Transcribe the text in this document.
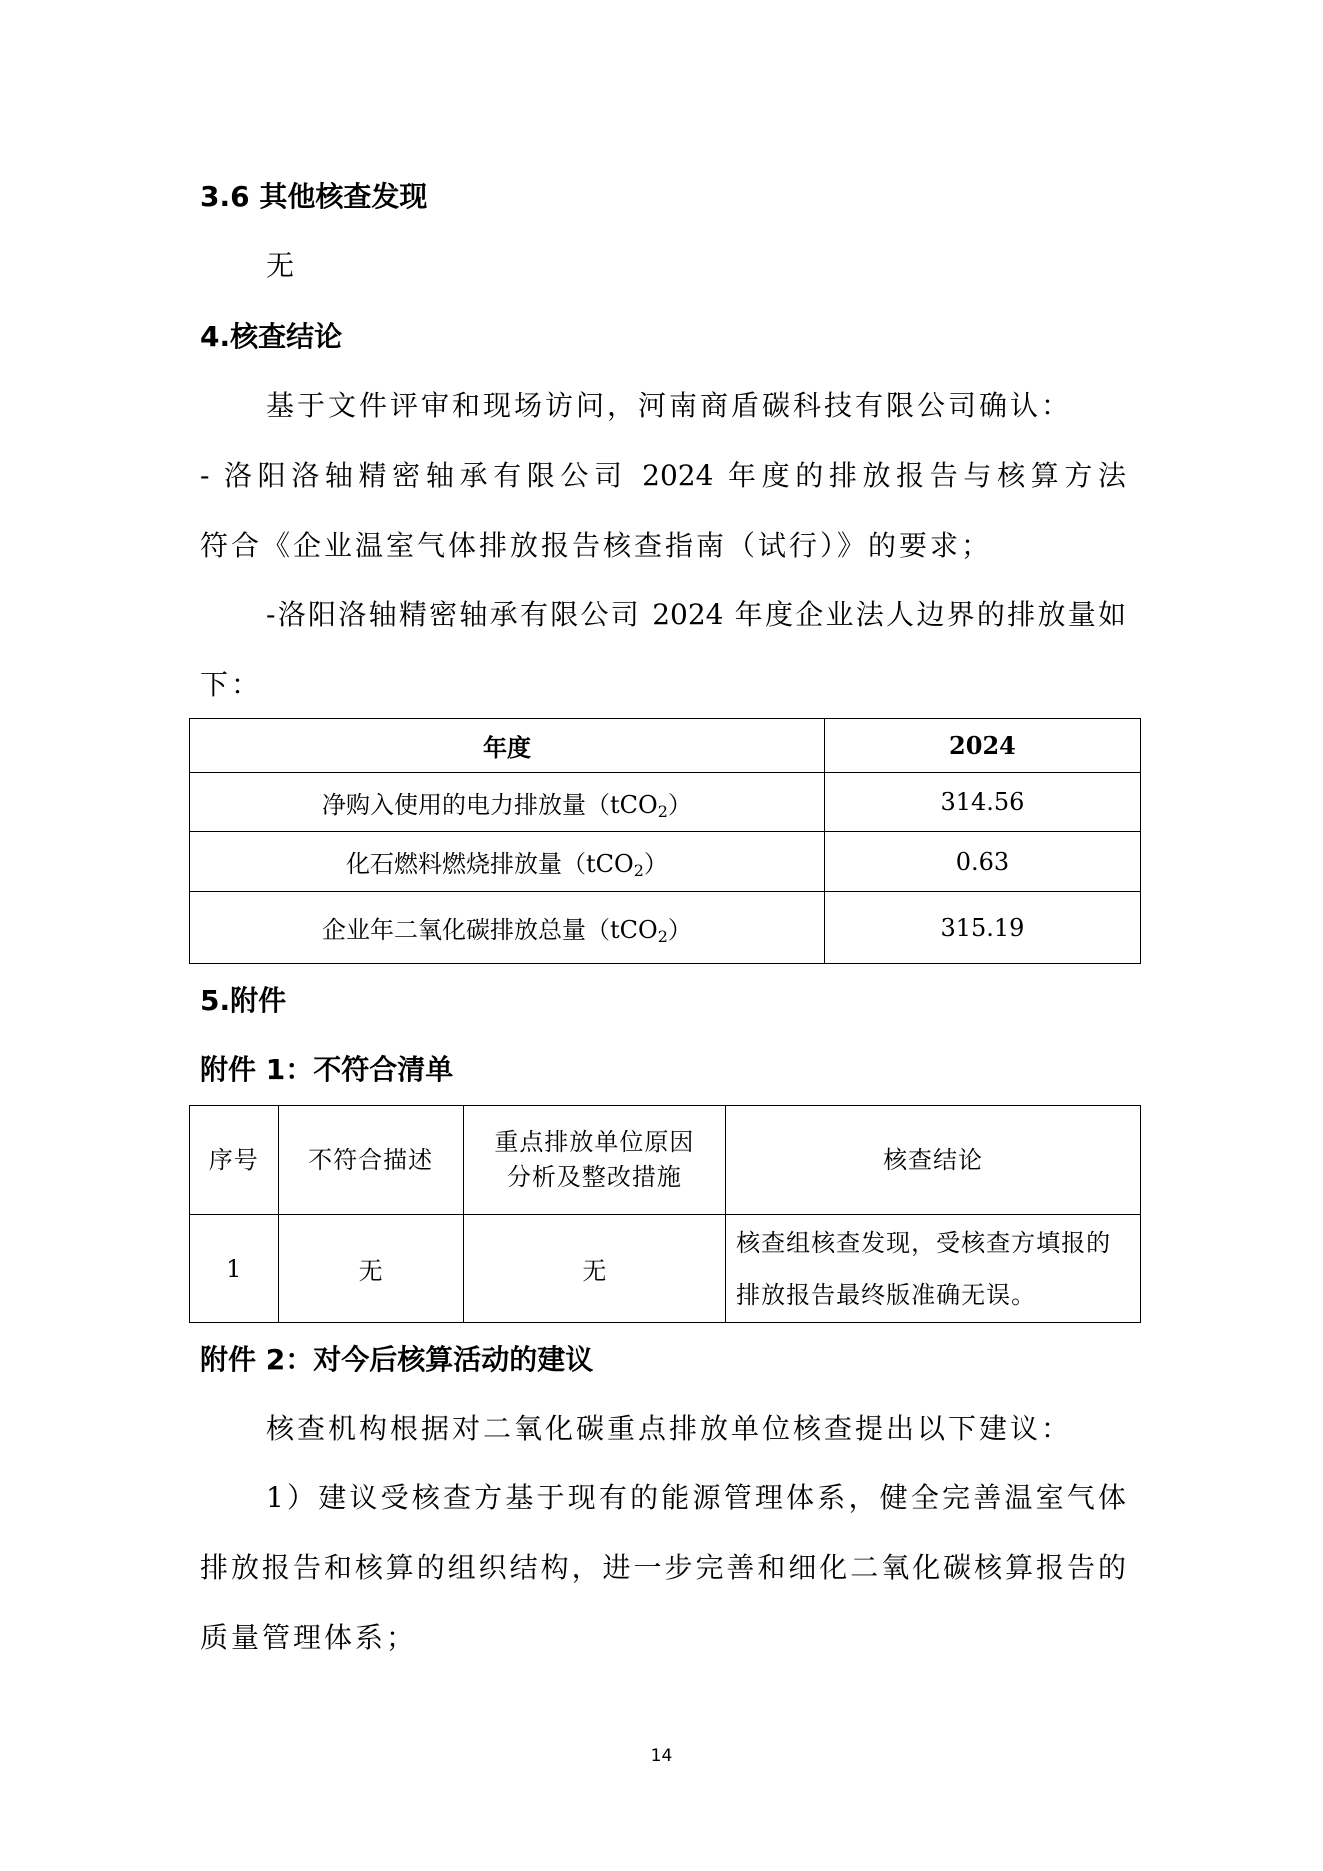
3.6 其他核查发现

无

4.核查结论

基于文件评审和现场访问，河南商盾碳科技有限公司确认：

- 洛阳洛轴精密轴承有限公司 2024 年度的排放报告与核算方法

符合《企业温室气体排放报告核查指南（试行）》的要求；

-洛阳洛轴精密轴承有限公司 2024 年度企业法人边界的排放量如

下：

年度	2024
净购入使用的电力排放量（tCO$_2$）	314.56
化石燃料燃烧排放量（tCO$_2$）	0.63
企业年二氧化碳排放总量（tCO$_2$）	315.19
5.附件
附件 1：不符合清单
序号	不符合描述	重点排放单位原因
分析及整改措施	核查结论
1	无	无	核查组核查发现，受核查方填报的
排放报告最终版准确无误。
附件 2：对今后核算活动的建议

核查机构根据对二氧化碳重点排放单位核查提出以下建议：

1）建议受核查方基于现有的能源管理体系，健全完善温室气体

排放报告和核算的组织结构，进一步完善和细化二氧化碳核算报告的

质量管理体系；

14
